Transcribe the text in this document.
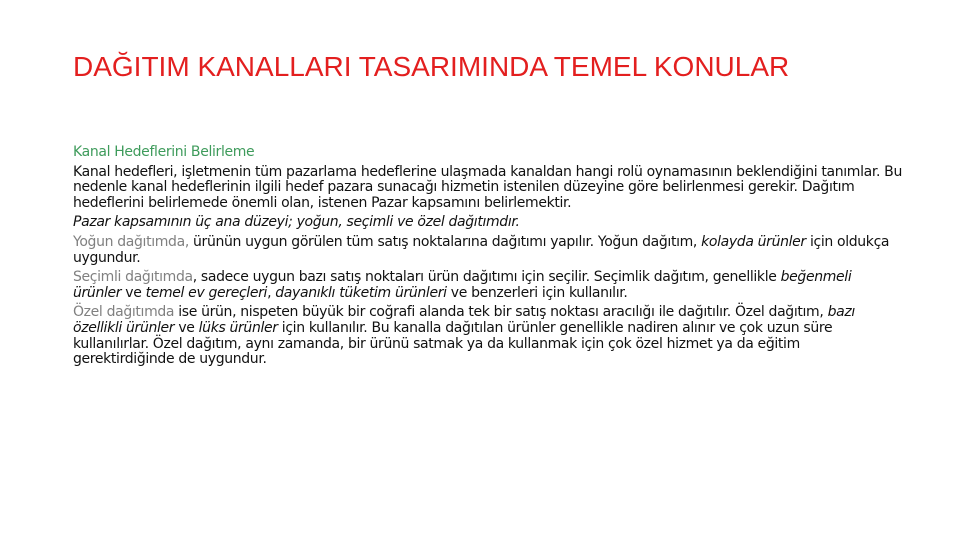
DAĞITIM KANALLARI TASARIMINDA TEMEL KONULAR

Kanal Hedeflerini Belirleme

Kanal hedefleri, işletmenin tüm pazarlama hedeflerine ulaşmada kanaldan hangi rolü oynamasının beklendiğini tanımlar. Bu nedenle kanal hedeflerinin ilgili hedef pazara sunacağı hizmetin istenilen düzeyine göre belirlenmesi gerekir. Dağıtım hedeflerini belirlemede önemli olan, istenen Pazar kapsamını belirlemektir.

Pazar kapsamının üç ana düzeyi; yoğun, seçimli ve özel dağıtımdır.

Yoğun dağıtımda, ürünün uygun görülen tüm satış noktalarına dağıtımı yapılır. Yoğun dağıtım, kolayda ürünler için oldukça uygundur.

Seçimli dağıtımda, sadece uygun bazı satış noktaları ürün dağıtımı için seçilir. Seçimlik dağıtım, genellikle beğenmeli ürünler ve temel ev gereçleri, dayanıklı tüketim ürünleri ve benzerleri için kullanılır.

Özel dağıtımda ise ürün, nispeten büyük bir coğrafi alanda tek bir satış noktası aracılığı ile dağıtılır. Özel dağıtım, bazı özellikli ürünler ve lüks ürünler için kullanılır. Bu kanalla dağıtılan ürünler genellikle nadiren alınır ve çok uzun süre kullanılırlar. Özel dağıtım, aynı zamanda, bir ürünü satmak ya da kullanmak için çok özel hizmet ya da eğitim gerektirdiğinde de uygundur.
